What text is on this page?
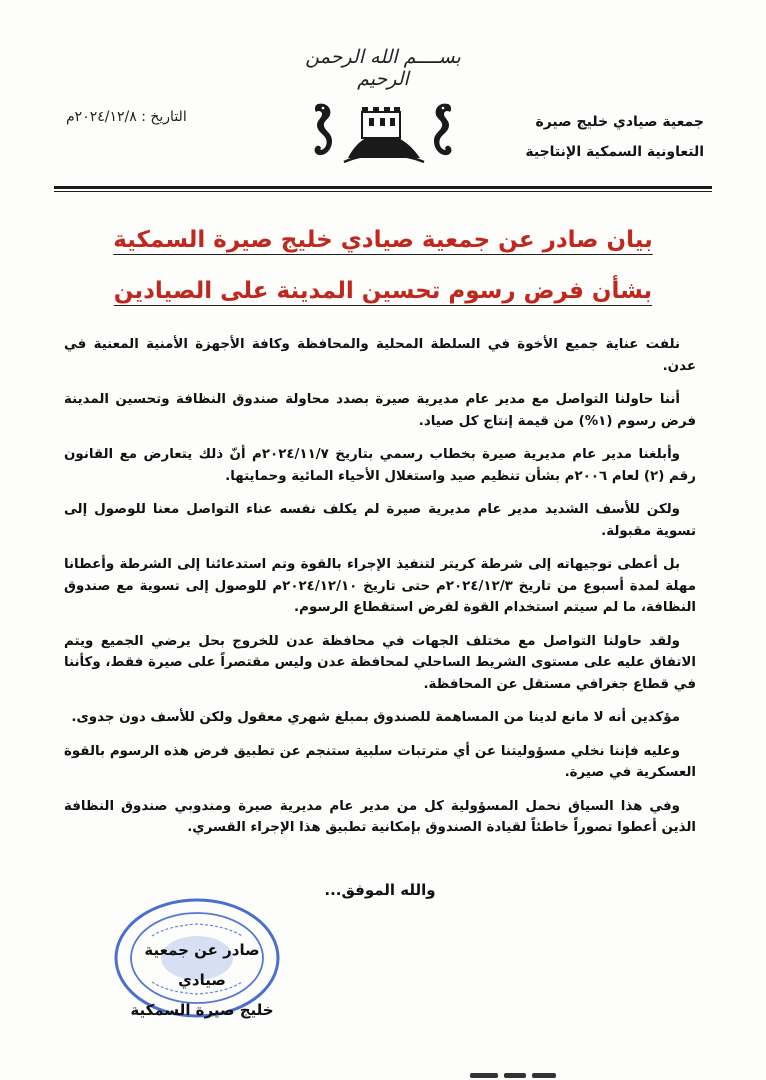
بســــم الله الرحمن الرحيم
جمعية صيادي خليج صيرة
التعاونية السمكية الإنتاجية
التاريخ : ٢٠٢٤/١٢/٨م
بيان صادر عن جمعية صيادي خليج صيرة السمكية
بشأن فرض رسوم تحسين المدينة على الصيادين

نلفت عناية جميع الأخوة في السلطة المحلية والمحافظة وكافة الأجهزة الأمنية المعنية في عدن.

أننا حاولنا التواصل مع مدير عام مديرية صيرة بصدد محاولة صندوق النظافة وتحسين المدينة فرض رسوم (١%) من قيمة إنتاج كل صياد.

وأبلغنا مدير عام مديرية صيرة بخطاب رسمي بتاريخ ٢٠٢٤/١١/٧م أنّ ذلك يتعارض مع القانون رقم (٢) لعام ٢٠٠٦م بشأن تنظيم صيد واستغلال الأحياء المائية وحمايتها.

ولكن للأسف الشديد مدير عام مديرية صيرة لم يكلف نفسه عناء التواصل معنا للوصول إلى تسوية مقبولة.

بل أعطى توجيهاته إلى شرطة كريتر لتنفيذ الإجراء بالقوة وتم استدعائنا إلى الشرطة وأعطانا مهلة لمدة أسبوع من تاريخ ٢٠٢٤/١٢/٣م حتى تاريخ ٢٠٢٤/١٢/١٠م للوصول إلى تسوية مع صندوق النظافة، ما لم سيتم استخدام القوة لفرض استقطاع الرسوم.

ولقد حاولنا التواصل مع مختلف الجهات في محافظة عدن للخروج بحل يرضي الجميع ويتم الاتفاق عليه على مستوى الشريط الساحلي لمحافظة عدن وليس مقتصراً على صيرة فقط، وكأننا في قطاع جغرافي مستقل عن المحافظة.

مؤكدين أنه لا مانع لدينا من المساهمة للصندوق بمبلغ شهري معقول ولكن للأسف دون جدوى.

وعليه فإننا نخلي مسؤوليتنا عن أي مترتبات سلبية ستنجم عن تطبيق فرض هذه الرسوم بالقوة العسكرية في صيرة.

وفي هذا السياق نحمل المسؤولية كل من مدير عام مديرية صيرة ومندوبي صندوق النظافة الذين أعطوا تصوراً خاطئاً لقيادة الصندوق بإمكانية تطبيق هذا الإجراء القسري.

والله الموفق...
صادر عن جمعية صيادي
خليج صيرة السمكية
